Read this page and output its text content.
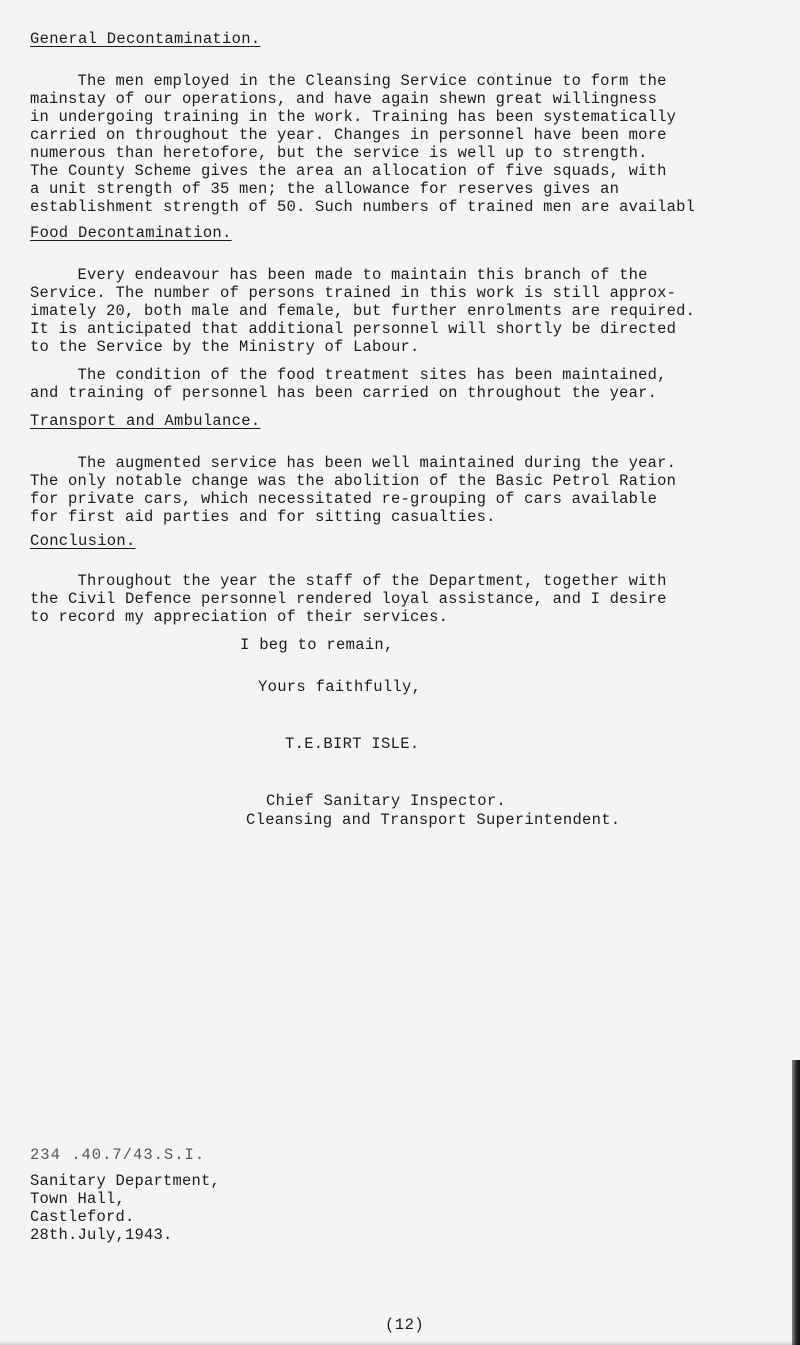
General Decontamination.

The men employed in the Cleansing Service continue to form the
mainstay of our operations, and have again shewn great willingness
in undergoing training in the work. Training has been systematically
carried on throughout the year. Changes in personnel have been more
numerous than heretofore, but the service is well up to strength.
The County Scheme gives the area an allocation of five squads, with
a unit strength of 35 men; the allowance for reserves gives an
establishment strength of 50. Such numbers of trained men are availabl

Food Decontamination.

Every endeavour has been made to maintain this branch of the
Service. The number of persons trained in this work is still approx-
imately 20, both male and female, but further enrolments are required.
It is anticipated that additional personnel will shortly be directed
to the Service by the Ministry of Labour.

The condition of the food treatment sites has been maintained,
and training of personnel has been carried on throughout the year.

Transport and Ambulance.

The augmented service has been well maintained during the year.
The only notable change was the abolition of the Basic Petrol Ration
for private cars, which necessitated re-grouping of cars available
for first aid parties and for sitting casualties.

Conclusion.

Throughout the year the staff of the Department, together with
the Civil Defence personnel rendered loyal assistance, and I desire
to record my appreciation of their services.

I beg to remain,
Yours faithfully,
T.E.BIRT ISLE.
Chief Sanitary Inspector.
Cleansing and Transport Superintendent.
234 .40.7/43.S.I.
Sanitary Department,
Town Hall,
Castleford.
28th.July,1943.
(12)
